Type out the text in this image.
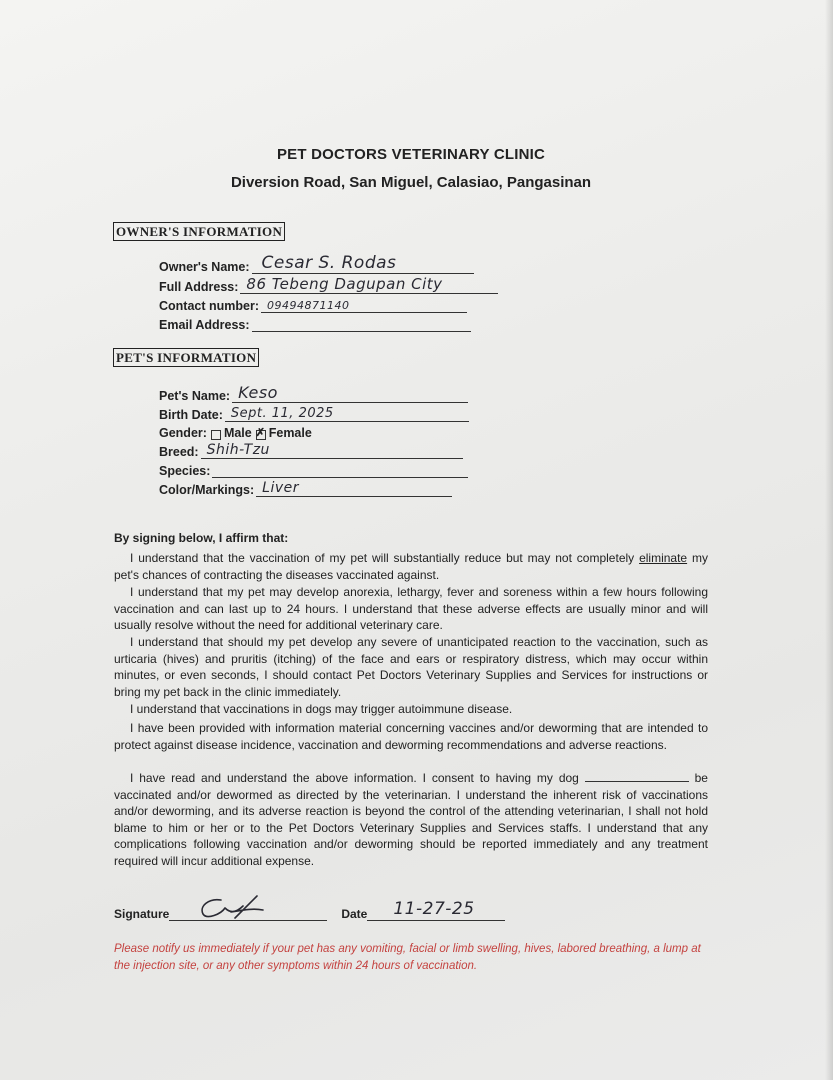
PET DOCTORS VETERINARY CLINIC
Diversion Road, San Miguel, Calasiao, Pangasinan
OWNER'S INFORMATION
Owner's Name: Cesar S. Rodas
Full Address: 86 Tebeng Dagupan City
Contact number: 09494871140
Email Address:
PET'S INFORMATION
Pet's Name: Keso
Birth Date: Sept. 11, 2025
Gender: Male
✗ Female
Breed: Shih-Tzu
Species:
Color/Markings: Liver
By signing below, I affirm that:

I understand that the vaccination of my pet will substantially reduce but may not completely eliminate my pet's chances of contracting the diseases vaccinated against.

I understand that my pet may develop anorexia, lethargy, fever and soreness within a few hours following vaccination and can last up to 24 hours. I understand that these adverse effects are usually minor and will usually resolve without the need for additional veterinary care.

I understand that should my pet develop any severe of unanticipated reaction to the vaccination, such as urticaria (hives) and pruritis (itching) of the face and ears or respiratory distress, which may occur within minutes, or even seconds, I should contact Pet Doctors Veterinary Supplies and Services for instructions or bring my pet back in the clinic immediately.

I understand that vaccinations in dogs may trigger autoimmune disease.

I have been provided with information material concerning vaccines and/or deworming that are intended to protect against disease incidence, vaccination and deworming recommendations and adverse reactions.

I have read and understand the above information. I consent to having my dog	be vaccinated and/or dewormed as directed by the veterinarian. I understand the inherent risk of vaccinations and/or deworming, and its adverse reaction is beyond the control of the attending veterinarian, I shall not hold blame to him or her or to the Pet Doctors Veterinary Supplies and Services staffs. I understand that any complications following vaccination and/or deworming should be reported immediately and any treatment required will incur additional expense.

Signature	Date 11-27-25
Please notify us immediately if your pet has any vomiting, facial or limb swelling, hives, labored breathing, a lump at the injection site, or any other symptoms within 24 hours of vaccination.
